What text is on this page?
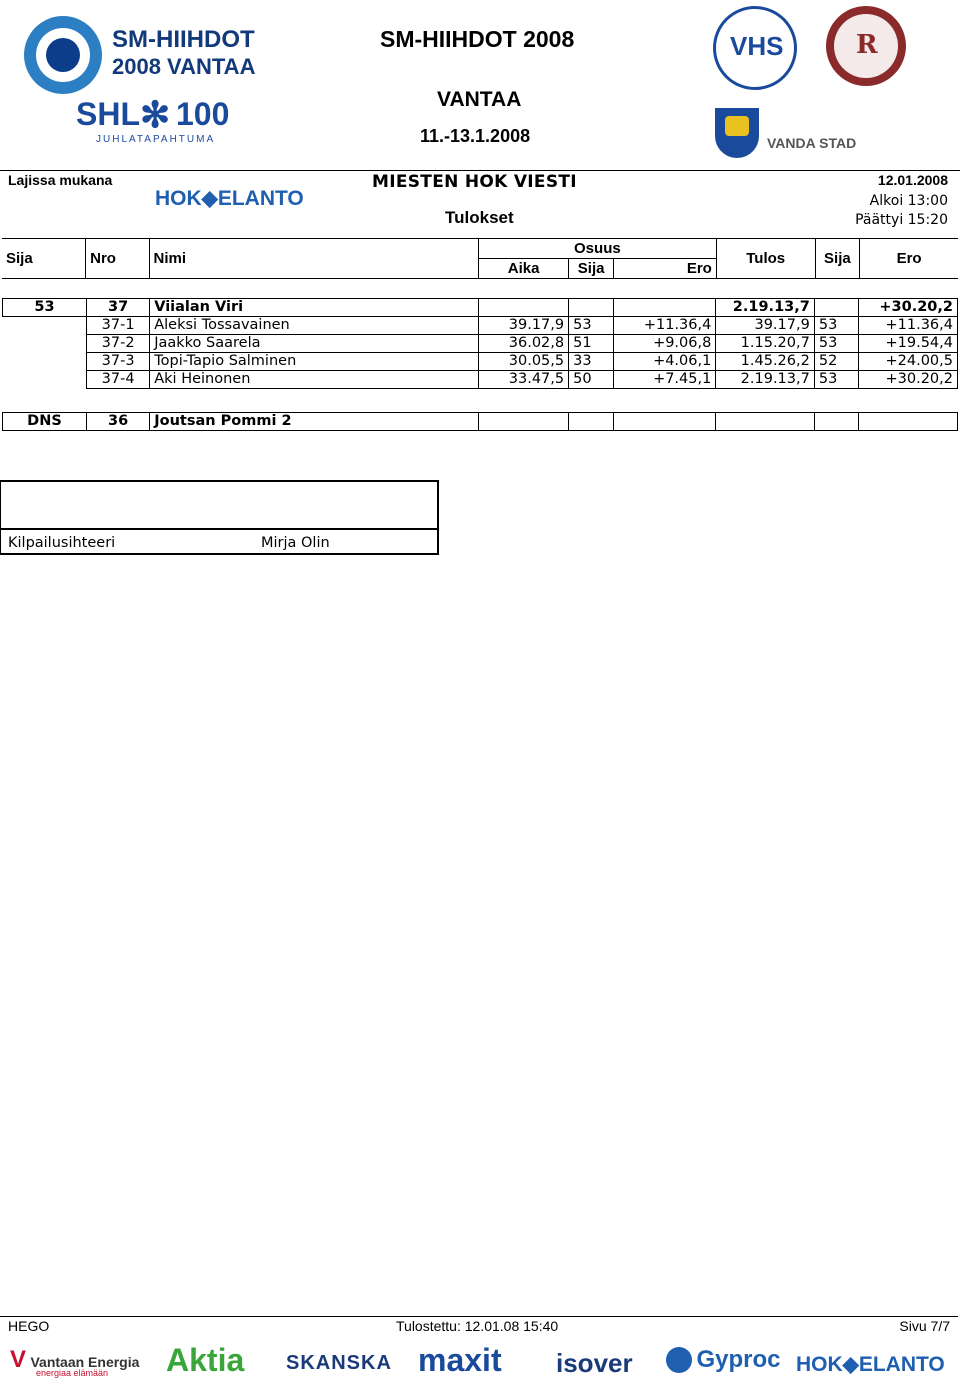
SM-HIIHDOT
2008 VANTAA
SHL ✻ 100
JUHLATAPAHTUMA
VHS	R
VANDA STAD
SM-HIIHDOT 2008
VANTAA
11.-13.1.2008
Lajissa mukana
HOK◆ELANTO
MIESTEN HOK VIESTI	12.01.2008
Alkoi 13:00
Päättyi 15:20
Tulokset
Sija	Nro	Nimi	Osuus			Tulos	Sija	Ero
			Aika	Sija	Ero			
53	37	Viialan Viri				2.19.13,7		+30.20,2
	37-1	Aleksi Tossavainen	39.17,9	53	+11.36,4	39.17,9	53	+11.36,4
	37-2	Jaakko Saarela	36.02,8	51	+9.06,8	1.15.20,7	53	+19.54,4
	37-3	Topi-Tapio Salminen	30.05,5	33	+4.06,1	1.45.26,2	52	+24.00,5
	37-4	Aki Heinonen	33.47,5	50	+7.45,1	2.19.13,7	53	+30.20,2
DNS	36	Joutsan Pommi 2						
Kilpailusihteeri	Mirja Olin
HEGO	Tulostettu: 12.01.08 15:40	Sivu 7/7
V Vantaan Energia
energiaa elämään	Aktia SKANSKA maxit isover	Gyproc HOK◆ELANTO
